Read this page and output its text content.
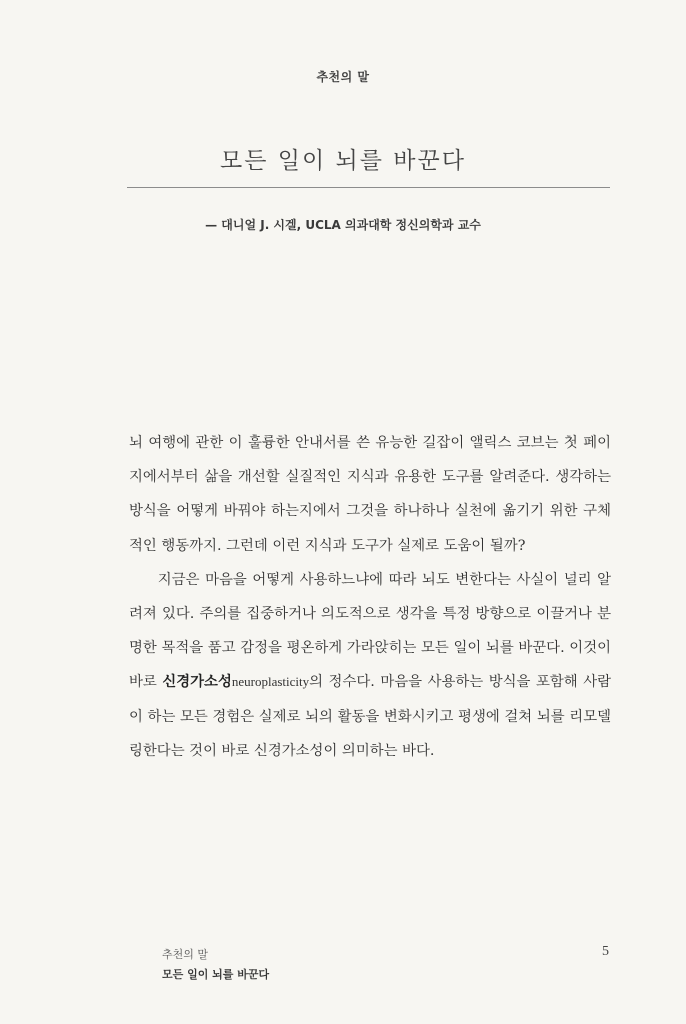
추천의 말
모든 일이 뇌를 바꾼다
— 대니얼 J. 시겔, UCLA 의과대학 정신의학과 교수

뇌 여행에 관한 이 훌륭한 안내서를 쓴 유능한 길잡이 앨릭스 코브는 첫 페이지에서부터 삶을 개선할 실질적인 지식과 유용한 도구를 알려준다. 생각하는 방식을 어떻게 바꿔야 하는지에서 그것을 하나하나 실천에 옮기기 위한 구체적인 행동까지. 그런데 이런 지식과 도구가 실제로 도움이 될까?

지금은 마음을 어떻게 사용하느냐에 따라 뇌도 변한다는 사실이 널리 알려져 있다. 주의를 집중하거나 의도적으로 생각을 특정 방향으로 이끌거나 분명한 목적을 품고 감정을 평온하게 가라앉히는 모든 일이 뇌를 바꾼다. 이것이 바로 신경가소성neuroplasticity의 정수다. 마음을 사용하는 방식을 포함해 사람이 하는 모든 경험은 실제로 뇌의 활동을 변화시키고 평생에 걸쳐 뇌를 리모델링한다는 것이 바로 신경가소성이 의미하는 바다.

추천의 말
모든 일이 뇌를 바꾼다
5
